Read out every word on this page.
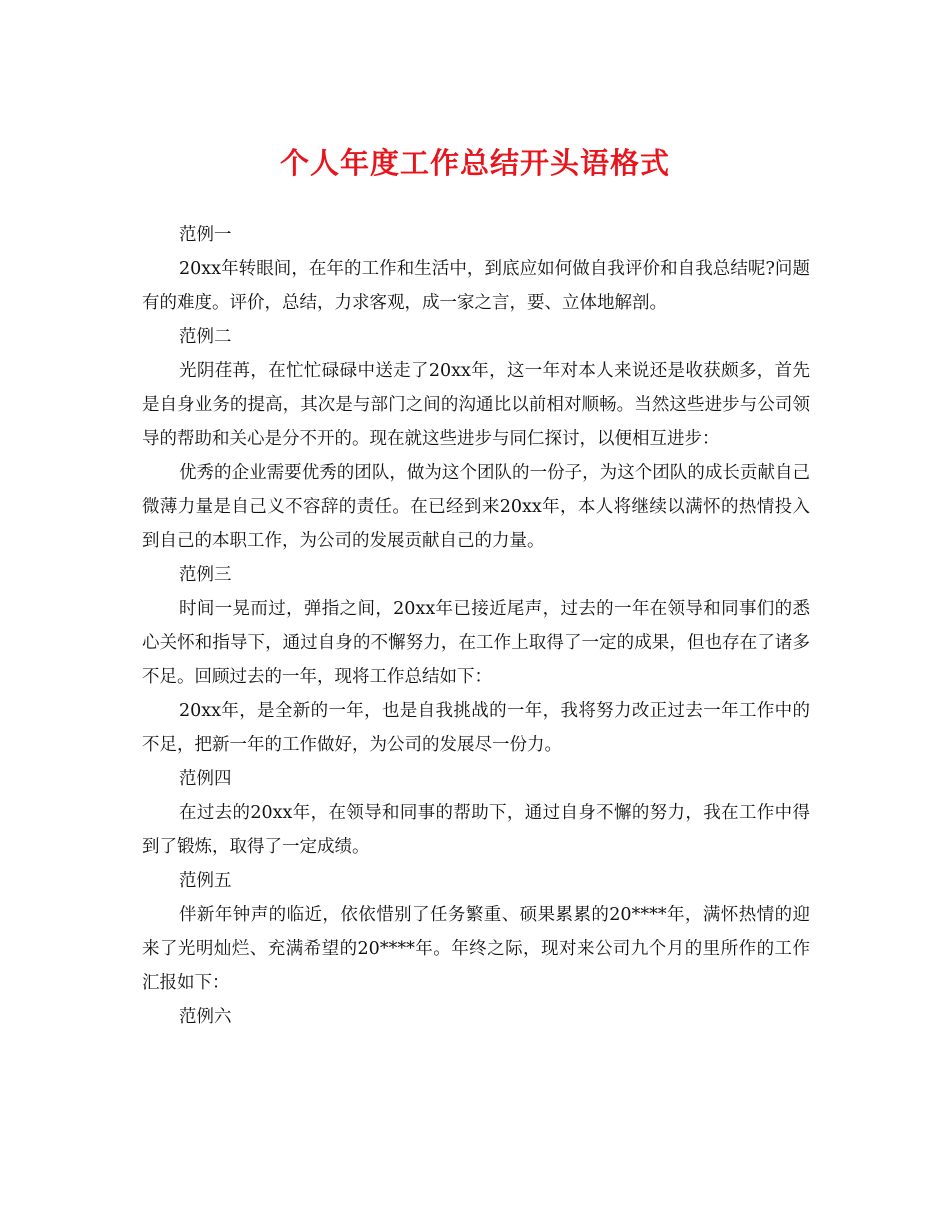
个人年度工作总结开头语格式

范例一

20xx年转眼间，在年的工作和生活中，到底应如何做自我评价和自我总结呢?问题有的难度。评价，总结，力求客观，成一家之言，要、立体地解剖。

范例二

光阴荏苒，在忙忙碌碌中送走了20xx年，这一年对本人来说还是收获颇多，首先是自身业务的提高，其次是与部门之间的沟通比以前相对顺畅。当然这些进步与公司领导的帮助和关心是分不开的。现在就这些进步与同仁探讨，以便相互进步：

优秀的企业需要优秀的团队，做为这个团队的一份子，为这个团队的成长贡献自己微薄力量是自己义不容辞的责任。在已经到来20xx年，本人将继续以满怀的热情投入到自己的本职工作，为公司的发展贡献自己的力量。

范例三

时间一晃而过，弹指之间，20xx年已接近尾声，过去的一年在领导和同事们的悉心关怀和指导下，通过自身的不懈努力，在工作上取得了一定的成果，但也存在了诸多不足。回顾过去的一年，现将工作总结如下：

20xx年，是全新的一年，也是自我挑战的一年，我将努力改正过去一年工作中的不足，把新一年的工作做好，为公司的发展尽一份力。

范例四

在过去的20xx年，在领导和同事的帮助下，通过自身不懈的努力，我在工作中得到了锻炼，取得了一定成绩。

范例五

伴新年钟声的临近，依依惜别了任务繁重、硕果累累的20****年，满怀热情的迎来了光明灿烂、充满希望的20****年。年终之际，现对来公司九个月的里所作的工作汇报如下：

范例六
